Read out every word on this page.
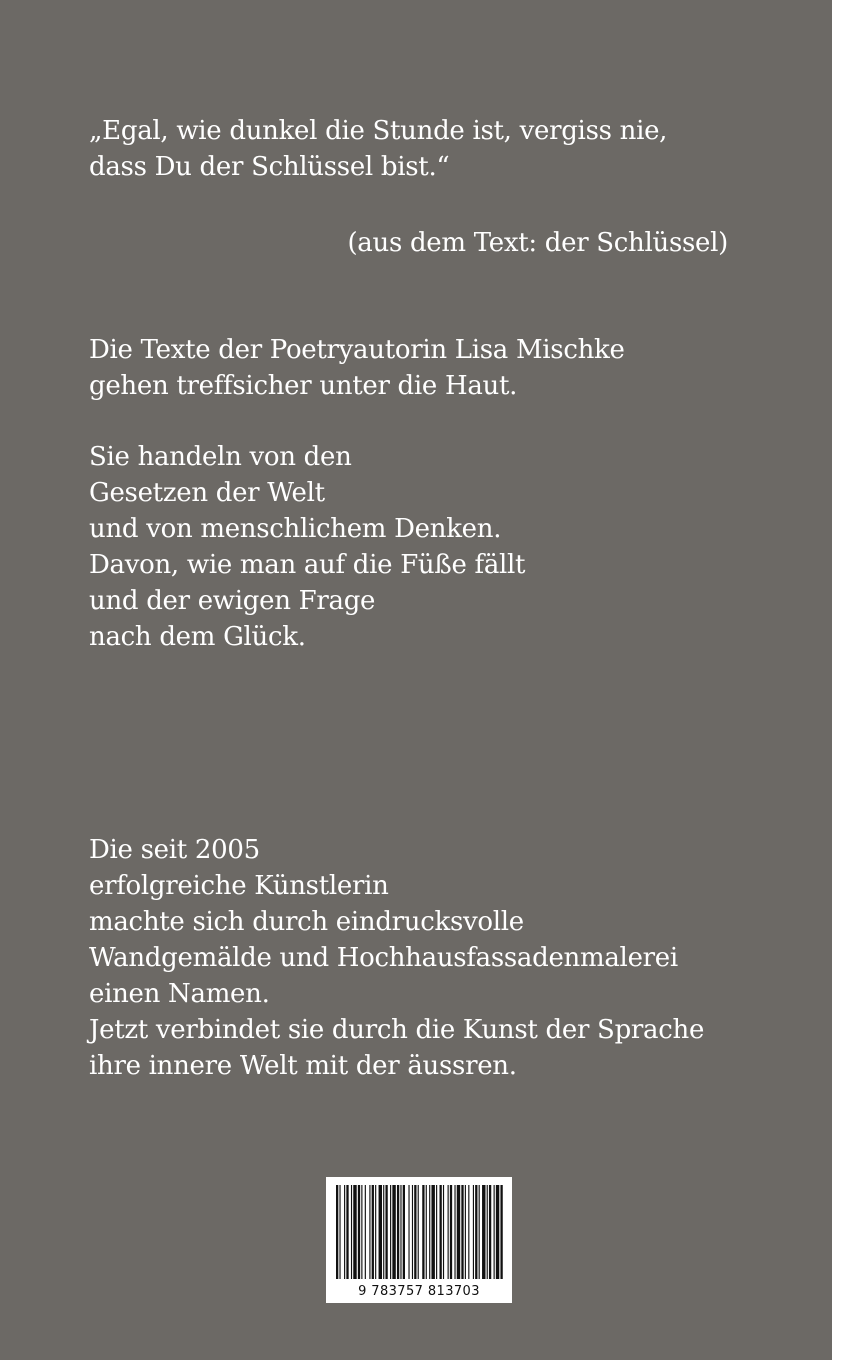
„Egal, wie dunkel die Stunde ist, vergiss nie,
dass Du der Schlüssel bist.“
(aus dem Text: der Schlüssel)
Die Texte der Poetryautorin Lisa Mischke
gehen treffsicher unter die Haut.
Sie handeln von den
Gesetzen der Welt
und von menschlichem Denken.
Davon, wie man auf die Füße fällt
und der ewigen Frage
nach dem Glück.
Die seit 2005
erfolgreiche Künstlerin
machte sich durch eindrucksvolle
Wandgemälde und Hochhausfassadenmalerei
einen Namen.
Jetzt verbindet sie durch die Kunst der Sprache
ihre innere Welt mit der äussren.
9 783757 813703
